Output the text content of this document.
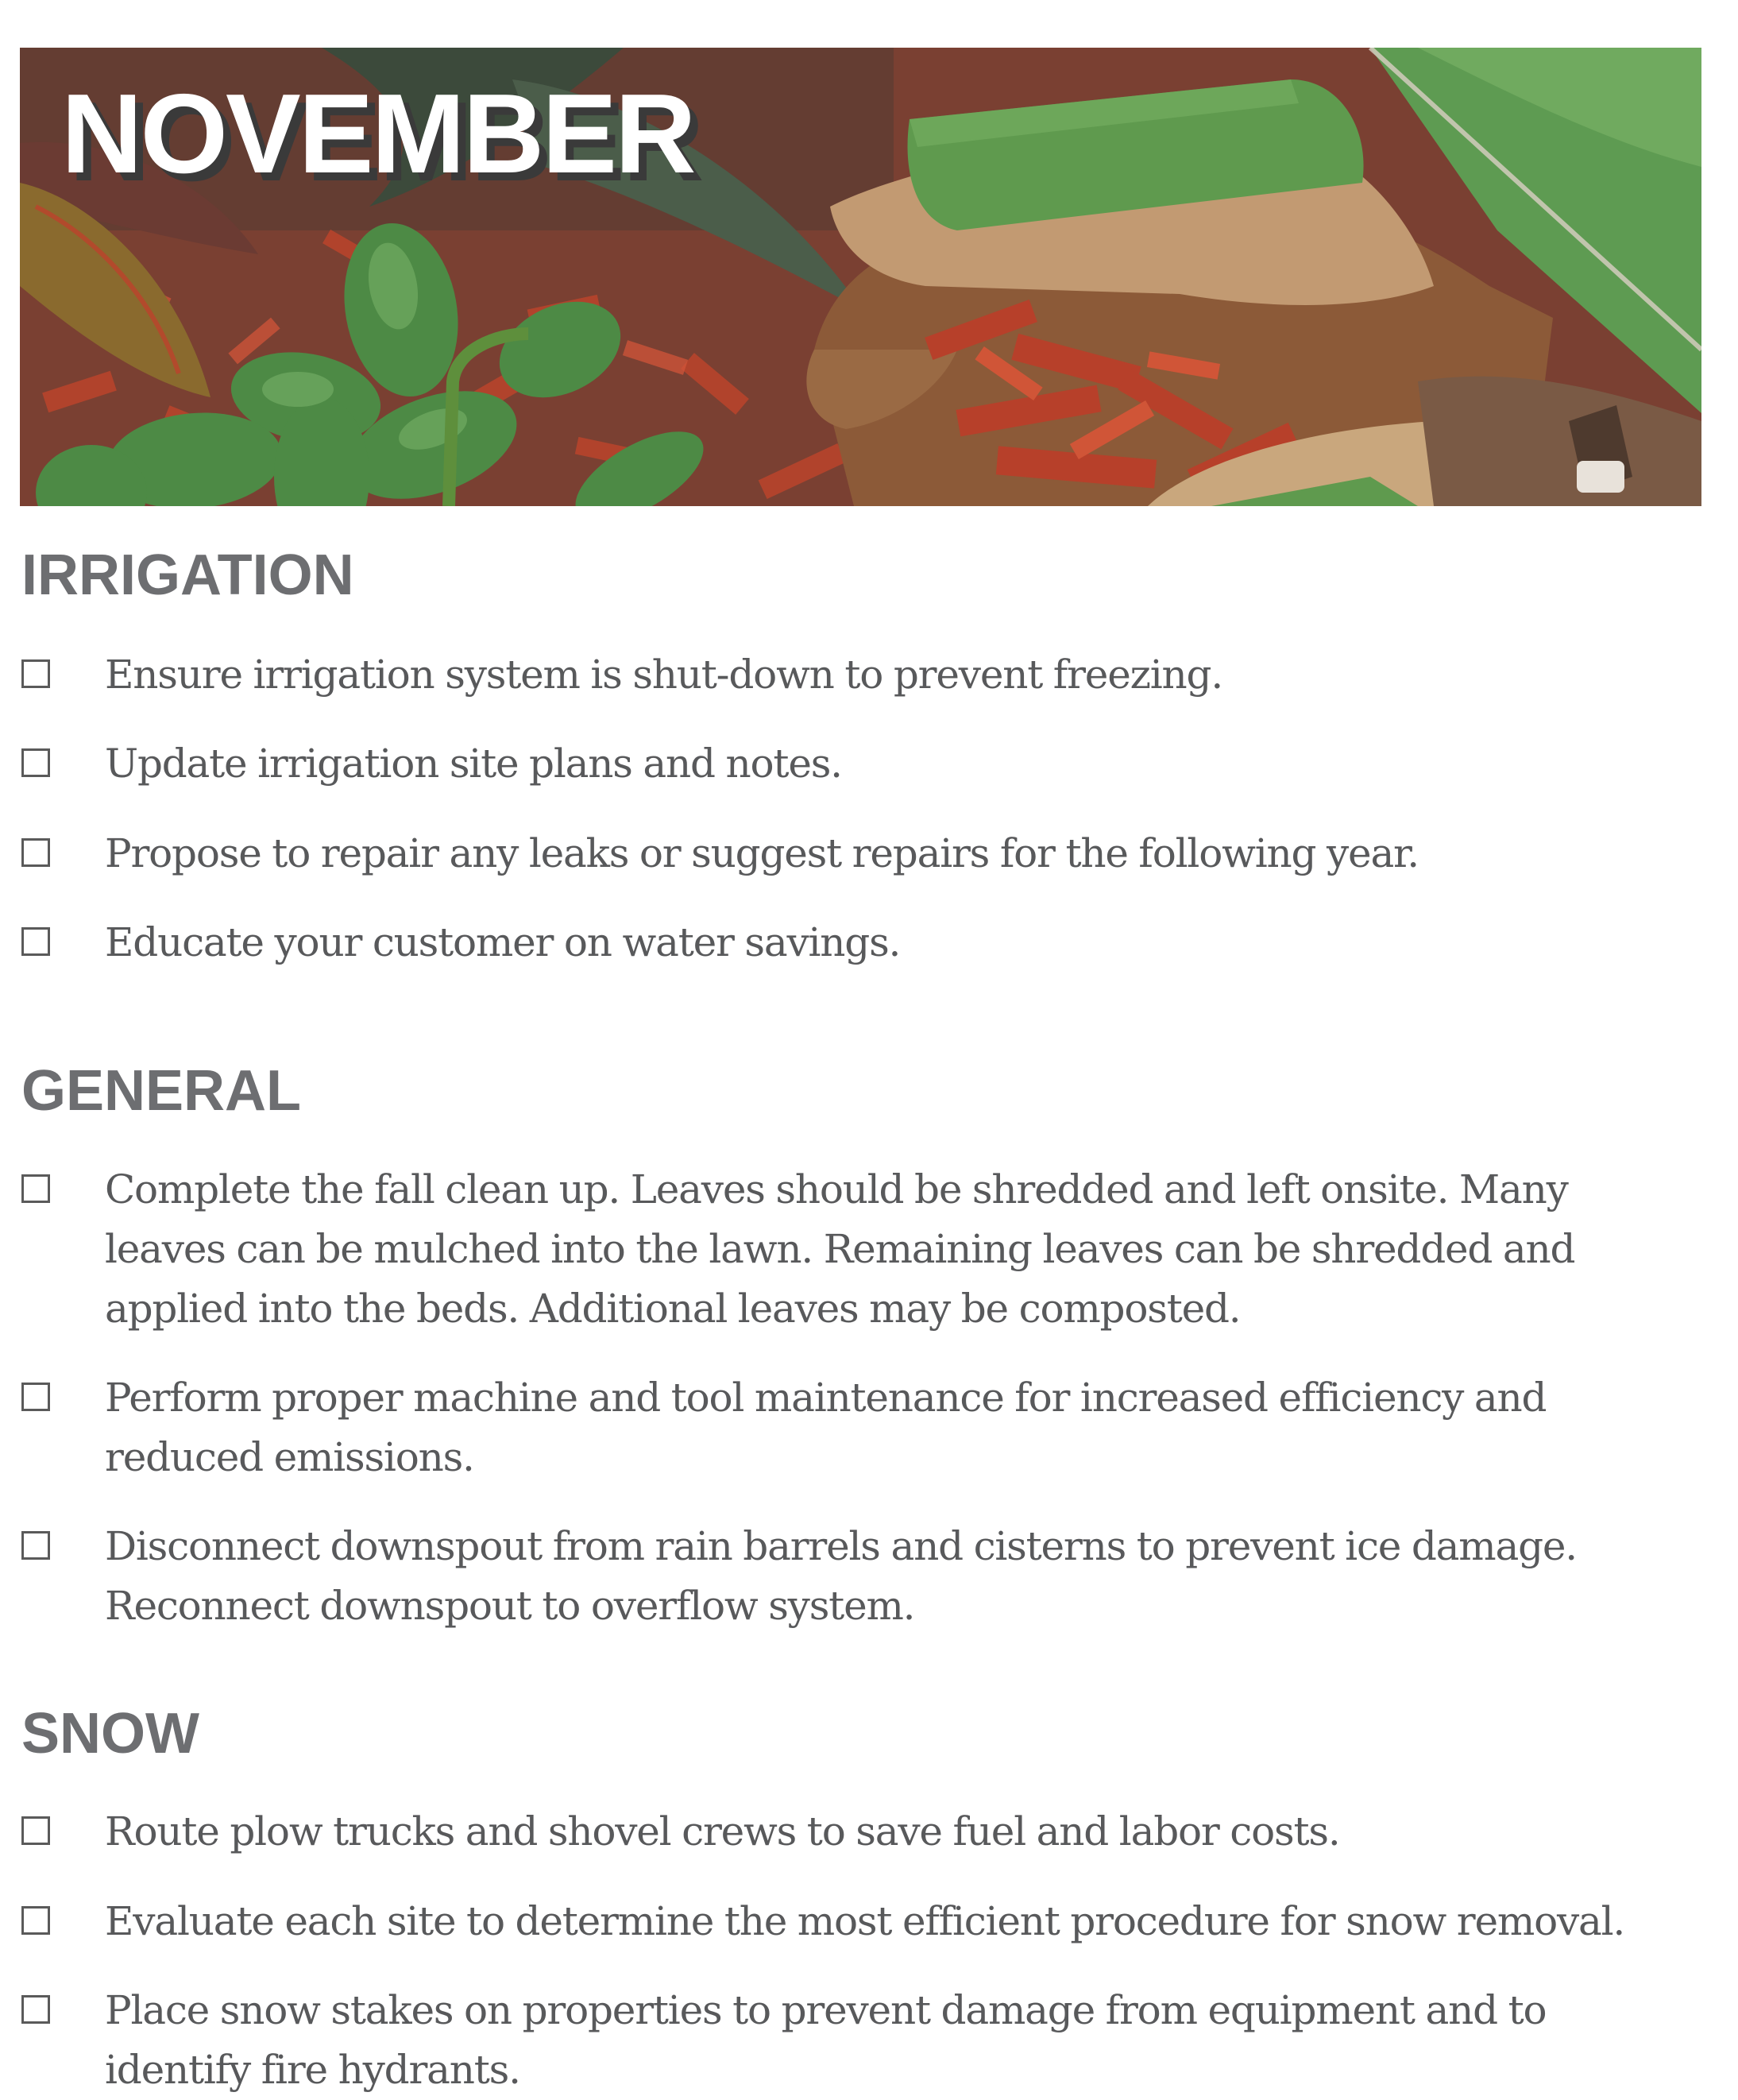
NOVEMBER
IRRIGATION
Ensure irrigation system is shut-down to prevent freezing.
Update irrigation site plans and notes.
Propose to repair any leaks or suggest repairs for the following year.
Educate your customer on water savings.
GENERAL
Complete the fall clean up. Leaves should be shredded and left onsite. Many leaves can be mulched into the lawn. Remaining leaves can be shredded and applied into the beds. Additional leaves may be composted.
Perform proper machine and tool maintenance for increased efficiency and reduced emissions.
Disconnect downspout from rain barrels and cisterns to prevent ice damage. Reconnect downspout to overflow system.
SNOW
Route plow trucks and shovel crews to save fuel and labor costs.
Evaluate each site to determine the most efficient procedure for snow removal.
Place snow stakes on properties to prevent damage from equipment and to identify fire hydrants.
